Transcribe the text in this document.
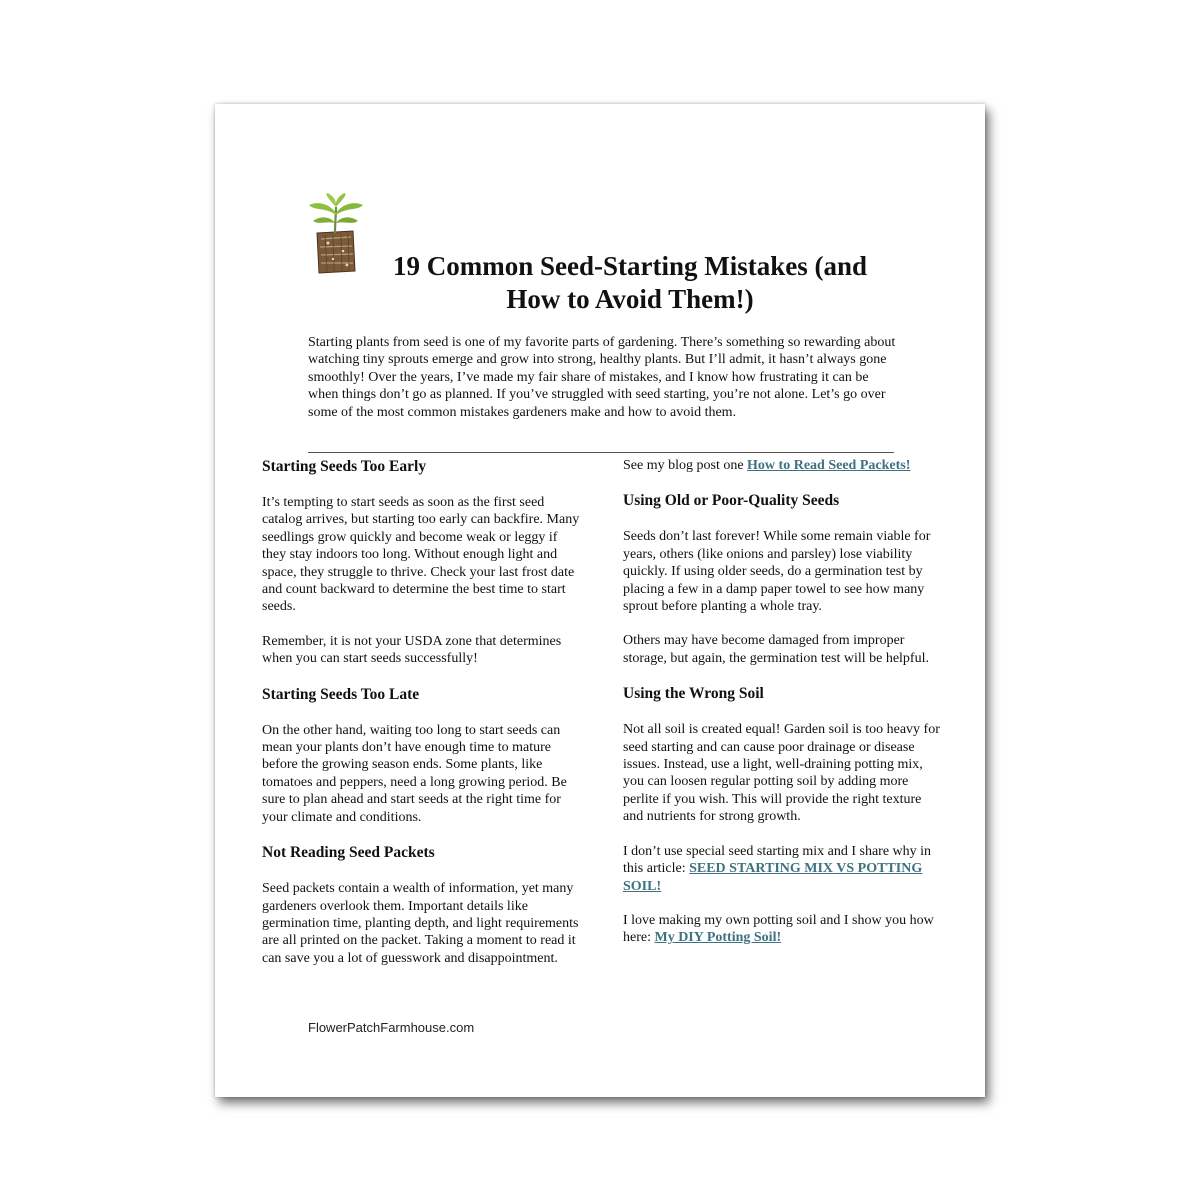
19 Common Seed-Starting Mistakes (and
How to Avoid Them!)

Starting plants from seed is one of my favorite parts of gardening. There’s something so rewarding about watching tiny sprouts emerge and grow into strong, healthy plants. But I’ll admit, it hasn’t always gone smoothly! Over the years, I’ve made my fair share of mistakes, and I know how frustrating it can be when things don’t go as planned. If you’ve struggled with seed starting, you’re not alone. Let’s go over some of the most common mistakes gardeners make and how to avoid them.

Starting Seeds Too Early

It’s tempting to start seeds as soon as the first seed catalog arrives, but starting too early can backfire. Many seedlings grow quickly and become weak or leggy if they stay indoors too long. Without enough light and space, they struggle to thrive. Check your last frost date and count backward to determine the best time to start seeds.

Remember, it is not your USDA zone that determines when you can start seeds successfully!

Starting Seeds Too Late

On the other hand, waiting too long to start seeds can mean your plants don’t have enough time to mature before the growing season ends. Some plants, like tomatoes and peppers, need a long growing period. Be sure to plan ahead and start seeds at the right time for your climate and conditions.

Not Reading Seed Packets

Seed packets contain a wealth of information, yet many gardeners overlook them. Important details like germination time, planting depth, and light requirements are all printed on the packet. Taking a moment to read it can save you a lot of guesswork and disappointment.

See my blog post one How to Read Seed Packets!

Using Old or Poor-Quality Seeds

Seeds don’t last forever! While some remain viable for years, others (like onions and parsley) lose viability quickly. If using older seeds, do a germination test by placing a few in a damp paper towel to see how many sprout before planting a whole tray.

Others may have become damaged from improper storage, but again, the germination test will be helpful.

Using the Wrong Soil

Not all soil is created equal! Garden soil is too heavy for seed starting and can cause poor drainage or disease issues. Instead, use a light, well-draining potting mix, you can loosen regular potting soil by adding more perlite if you wish. This will provide the right texture and nutrients for strong growth.

I don’t use special seed starting mix and I share why in this article: SEED STARTING MIX VS POTTING SOIL!

I love making my own potting soil and I show you how here: My DIY Potting Soil!

FlowerPatchFarmhouse.com
